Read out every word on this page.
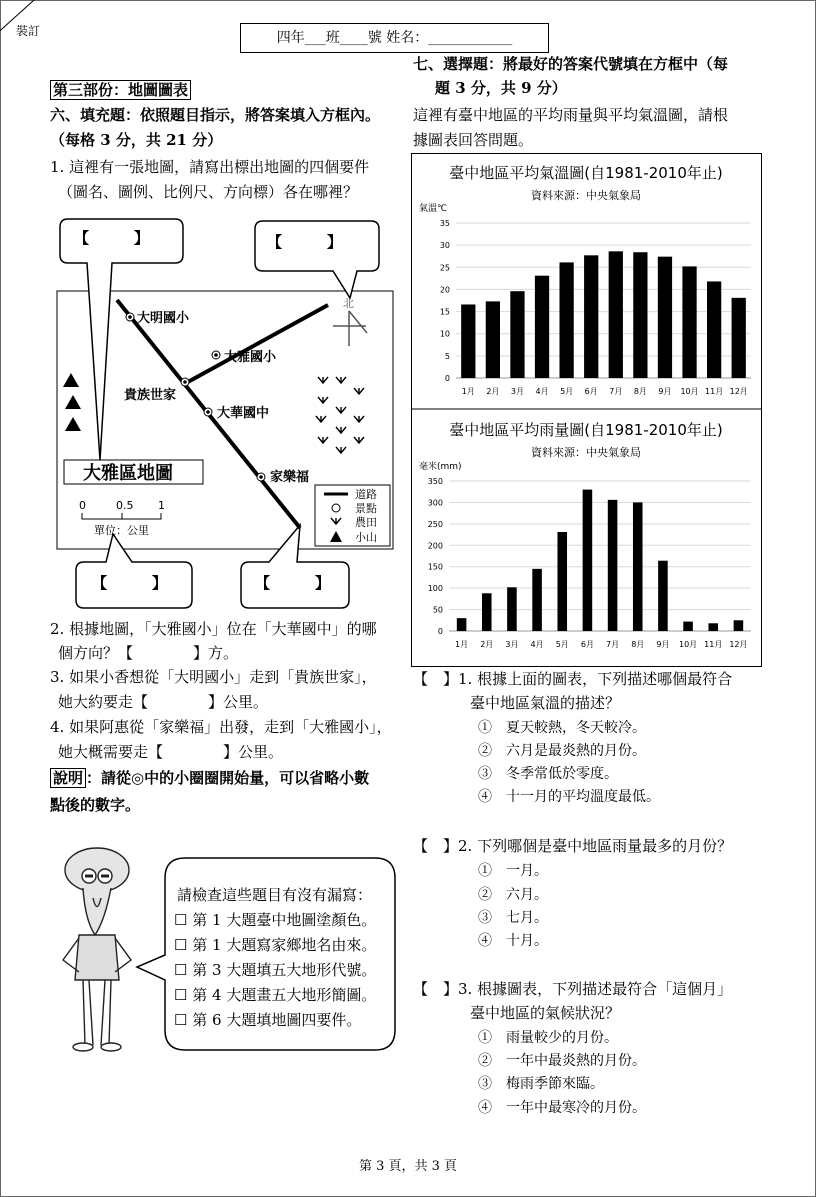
裝訂	四年___班____號 姓名：____________
第三部份：地圖圖表
六、填充題：依照題目指示，將答案填入方框內。
（每格 3 分，共 21 分）
1. 這裡有一張地圖，請寫出標出地圖的四個要件
（圖名、圖例、比例尺、方向標）各在哪裡？
大明國小
大雅國小
貴族世家
大華國中
家樂福
北
大雅區地圖
0	0.5 1
單位：公里
道路
景點
農田
小山
【　　　】	【　　　】
【　　　】	【　　　】
2. 根據地圖，「大雅國小」位在「大華國中」的哪
個方向？【　　　　】方。
3. 如果小香想從「大明國小」走到「貴族世家」，
她大約要走【　　　　】公里。
4. 如果阿惠從「家樂福」出發，走到「大雅國小」，
她大概需要走【　　　　】公里。
說明 ：請從◎中的小圈圈開始量，可以省略小數
點後的數字。
請檢查這些題目有沒有漏寫：
☐ 第 1 大題臺中地圖塗顏色。
☐ 第 1 大題寫家鄉地名由來。
☐ 第 3 大題填五大地形代號。
☐ 第 4 大題畫五大地形簡圖。
☐ 第 6 大題填地圖四要件。
七、選擇題：將最好的答案代號填在方框中（每
題 3 分，共 9 分）
這裡有臺中地區的平均雨量與平均氣溫圖，請根
據圖表回答問題。
臺中地區平均氣溫圖(自1981-2010年止)
資料來源：中央氣象局
氣溫℃
0
5
10
15
20
25
30
35
1月 2月 3月 4月 5月 6月 7月 8月 9月 10月 11月 12月
臺中地區平均雨量圖(自1981-2010年止)
資料來源：中央氣象局
毫米(mm)
0
50
100
150
200
250
300
350
1月 2月 3月 4月 5月 6月 7月 8月 9月 10月 11月 12月
【　】1. 根據上面的圖表，下列描述哪個最符合
臺中地區氣溫的描述？
①　夏天較熱，冬天較冷。
②　六月是最炎熱的月份。
③　冬季常低於零度。
④　十一月的平均溫度最低。
【　】2. 下列哪個是臺中地區雨量最多的月份？
①　一月。
②　六月。
③　七月。
④　十月。
【　】3. 根據圖表，下列描述最符合「這個月」
臺中地區的氣候狀況？
①　雨量較少的月份。
②　一年中最炎熱的月份。
③　梅雨季節來臨。
④　一年中最寒冷的月份。
第 3 頁，共 3 頁
